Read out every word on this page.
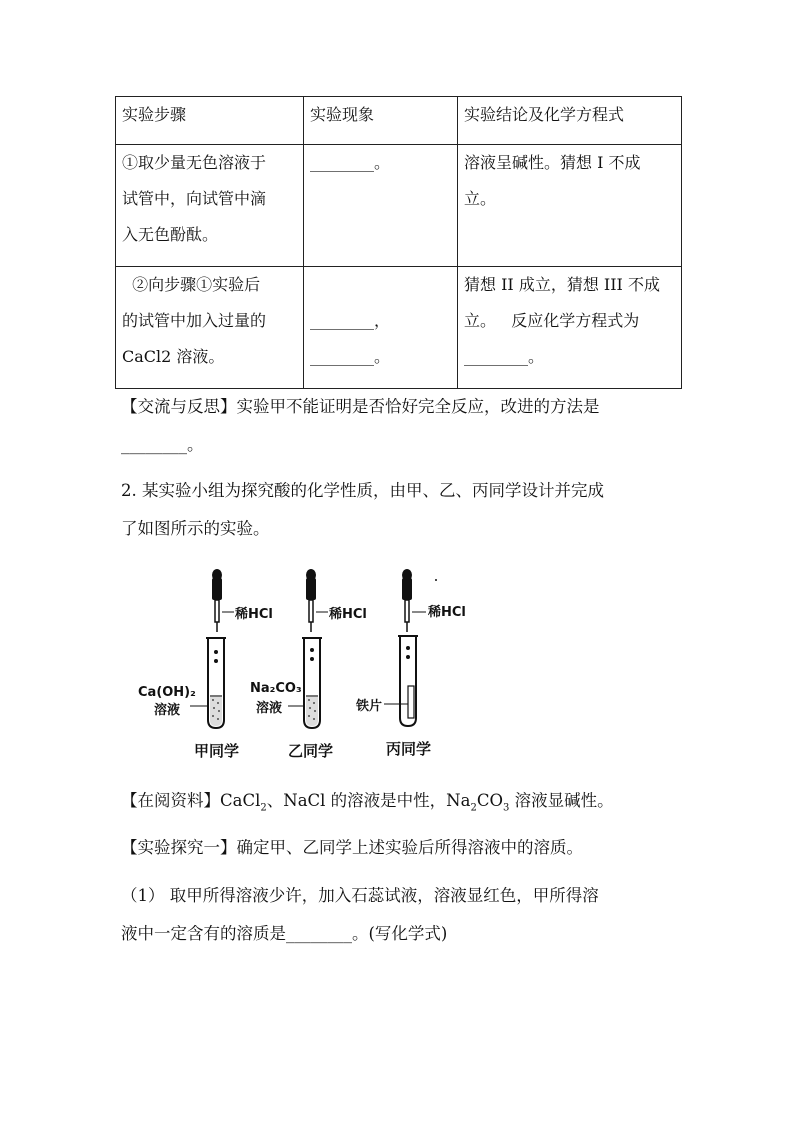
实验步骤	实验现象	实验结论及化学方程式

①取少量无色溶液于
试管中，向试管中滴
入无色酚酞。	________。	溶液呈碱性。猜想 I 不成
立。

②向步骤①实验后
的试管中加入过量的
CaCl2 溶液。	________，
________。	猜想 II 成立，猜想 III 不成
立。   反应化学方程式为
________。
【交流与反思】实验甲不能证明是否恰好完全反应，改进的方法是
________。
2. 某实验小组为探究酸的化学性质，由甲、乙、丙同学设计并完成
了如图所示的实验。
稀HCl
Ca(OH)₂
溶液
甲同学
稀HCl
Na₂CO₃
溶液
乙同学
稀HCl
铁片
丙同学
【在阅资料】CaCl$_2$、NaCl 的溶液是中性，$Na_2CO_3$ 溶液显碱性。
【实验探究一】确定甲、乙同学上述实验后所得溶液中的溶质。
（1） 取甲所得溶液少许，加入石蕊试液，溶液显红色，甲所得溶
液中一定含有的溶质是________。(写化学式)
